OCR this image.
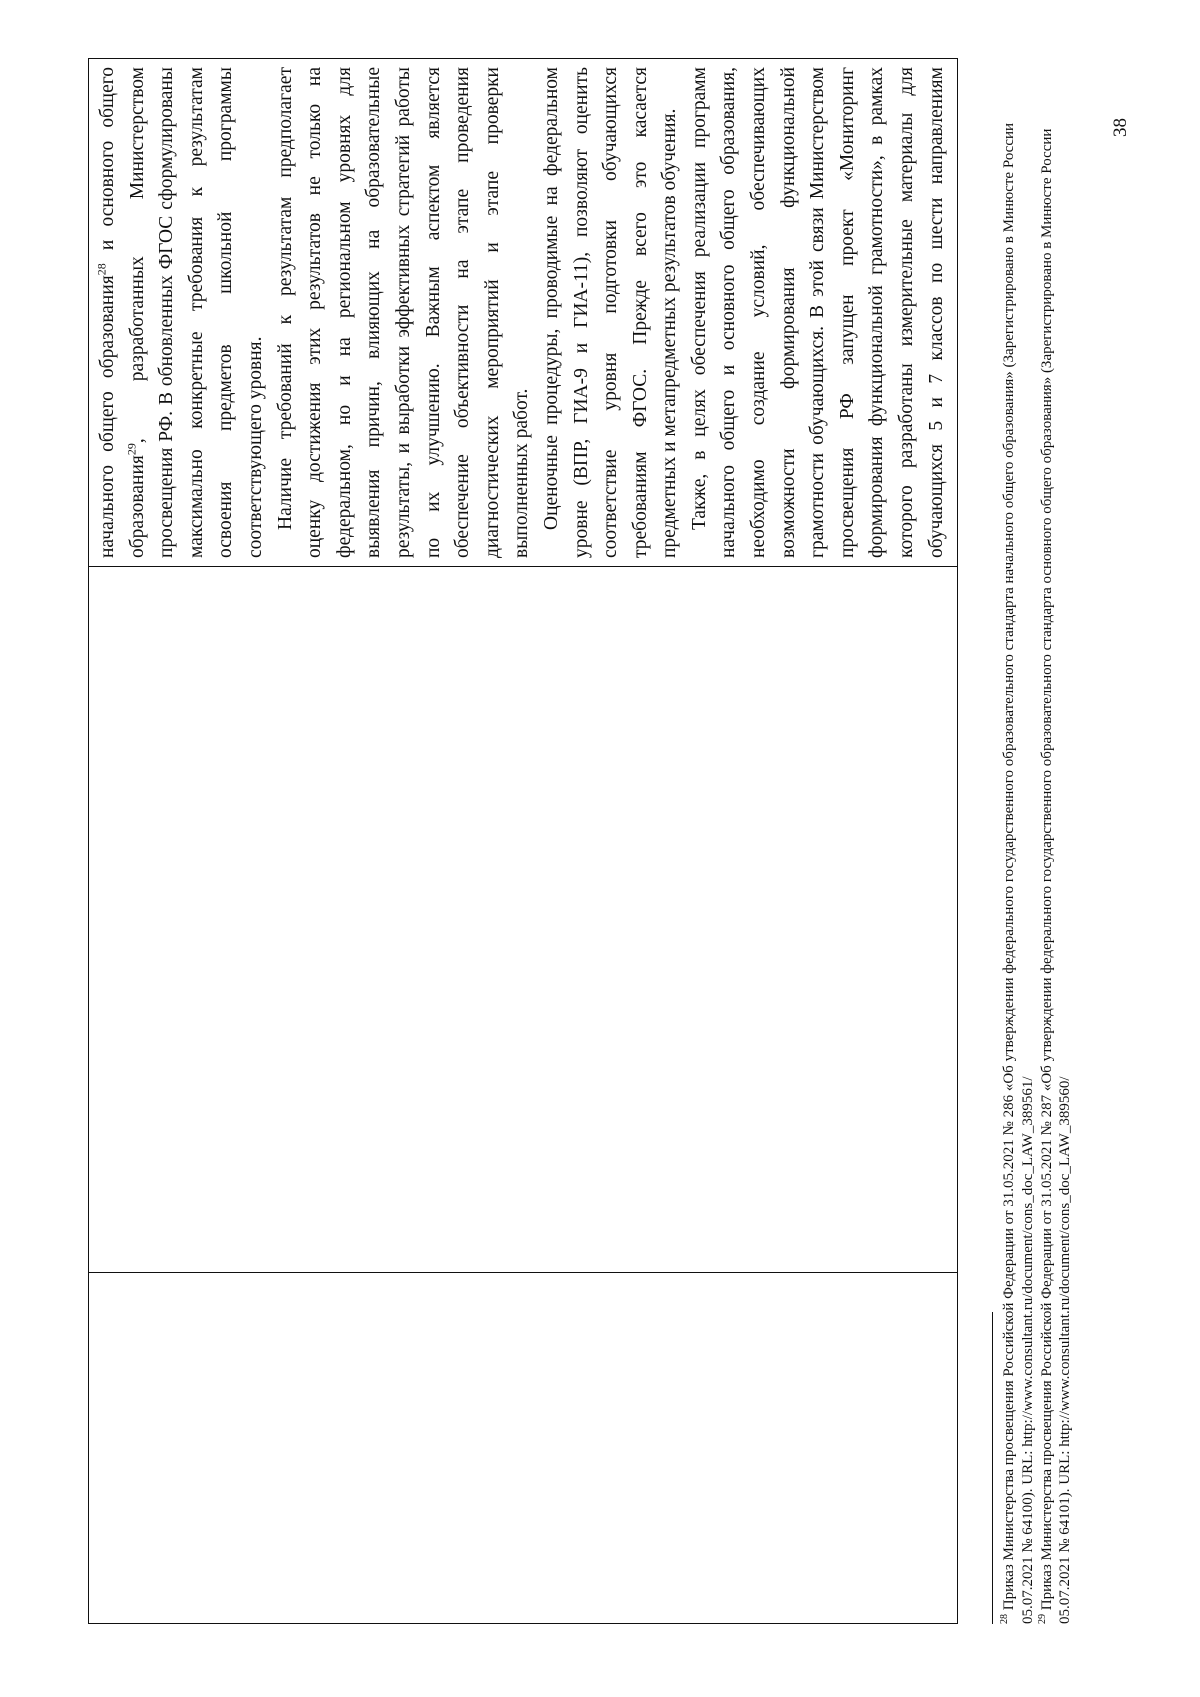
начального общего образования$^{28}$ и основного общего образования$^{29}$, разработанных Министерством просвещения РФ. В обновленных ФГОС сформулированы максимально конкретные требования к результатам освоения предметов школьной программы соответствующего уровня. Наличие требований к результатам предполагает оценку достижения этих результатов не только на федеральном, но и на региональном уровнях для выявления причин, влияющих на образовательные результаты, и выработки эффективных стратегий работы по их улучшению. Важным аспектом является обеспечение объективности на этапе проведения диагностических мероприятий и этапе проверки выполненных работ. Оценочные процедуры, проводимые на федеральном уровне (ВПР, ГИА-9 и ГИА-11), позволяют оценить соответствие уровня подготовки обучающихся требованиям ФГОС. Прежде всего это касается предметных и метапредметных результатов обучения. Также, в целях обеспечения реализации программ начального общего и основного общего образования, необходимо создание условий, обеспечивающих возможности формирования функциональной грамотности обучающихся. В этой связи Министерством просвещения РФ запущен проект «Мониторинг формирования функциональной грамотности», в рамках которого разработаны измерительные материалы для обучающихся 5 и 7 классов по шести направлениям

$^{28}$ Приказ Министерства просвещения Российской Федерации от 31.05.2021 № 286 «Об утверждении федерального государственного образовательного стандарта начального общего образования» (Зарегистрировано в Минюсте России 05.07.2021 № 64100). URL: http://www.consultant.ru/document/cons_doc_LAW_389561/ $^{29}$ Приказ Министерства просвещения Российской Федерации от 31.05.2021 № 287 «Об утверждении федерального государственного образовательного стандарта основного общего образования» (Зарегистрировано в Минюсте России 05.07.2021 № 64101). URL: http://www.consultant.ru/document/cons_doc_LAW_389560/

38
